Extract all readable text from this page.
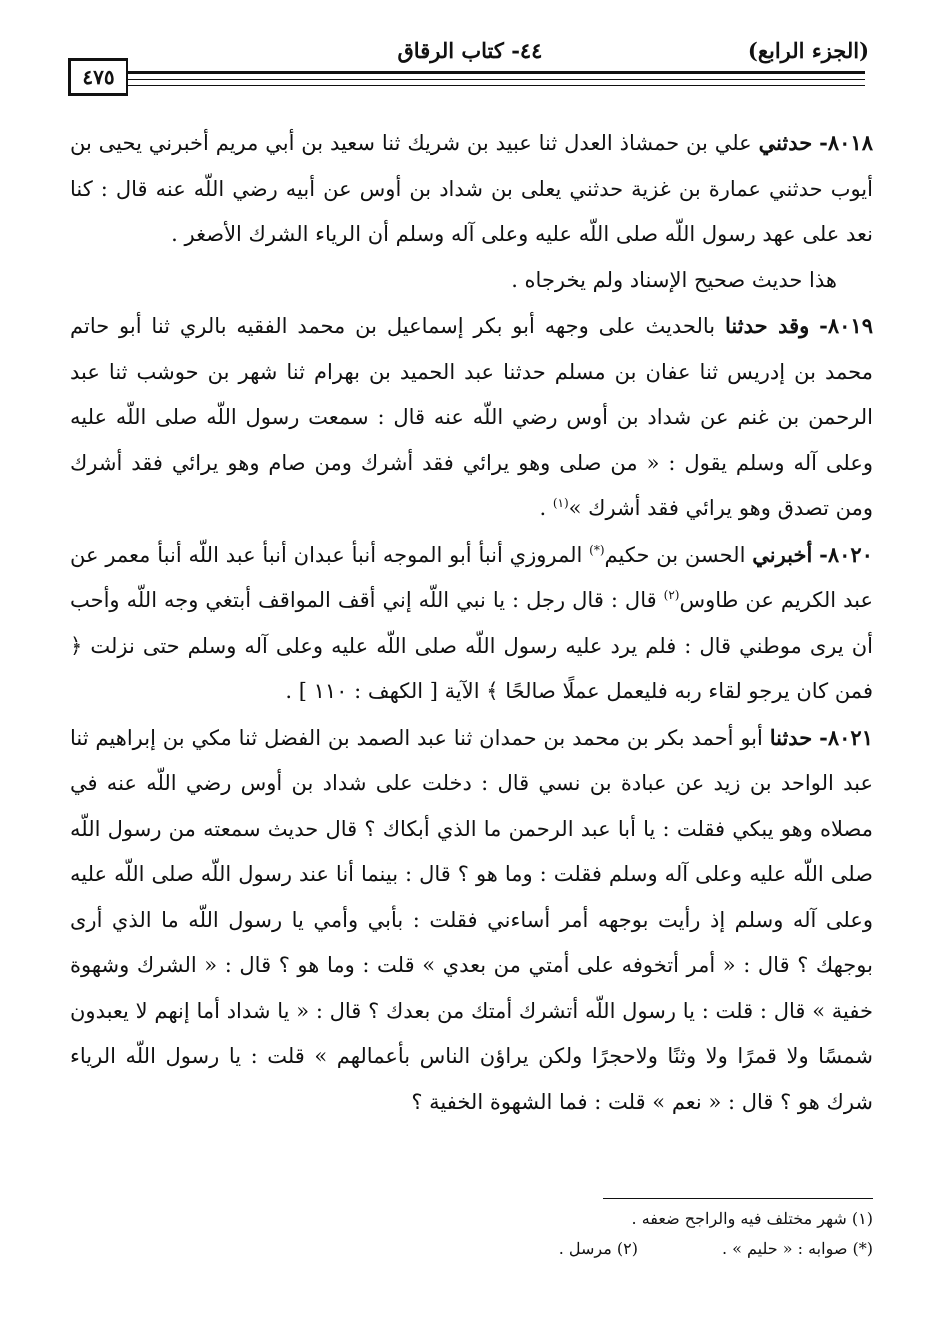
(الجزء الرابع)
٤٤- كتاب الرقاق
٤٧٥

٨٠١٨- حدثني علي بن حمشاذ العدل ثنا عبيد بن شريك ثنا سعيد بن أبي مريم أخبرني يحيى بن أيوب حدثني عمارة بن غزية حدثني يعلى بن شداد بن أوس عن أبيه رضي اللّه عنه قال : كنا نعد على عهد رسول اللّه صلى اللّه عليه وعلى آله وسلم أن الرياء الشرك الأصغر .

هذا حديث صحيح الإسناد ولم يخرجاه .

٨٠١٩- وقد حدثنا بالحديث على وجهه أبو بكر إسماعيل بن محمد الفقيه بالري ثنا أبو حاتم محمد بن إدريس ثنا عفان بن مسلم حدثنا عبد الحميد بن بهرام ثنا شهر بن حوشب ثنا عبد الرحمن بن غنم عن شداد بن أوس رضي اللّه عنه قال : سمعت رسول اللّه صلى اللّه عليه وعلى آله وسلم يقول : « من صلى وهو يرائي فقد أشرك ومن صام وهو يرائي فقد أشرك ومن تصدق وهو يرائي فقد أشرك »$^{(١)}$ .

٨٠٢٠- أخبرني الحسن بن حكيم(*) المروزي أنبأ أبو الموجه أنبأ عبدان أنبأ عبد اللّه أنبأ معمر عن عبد الكريم عن طاوس$^{(٢)}$ قال : قال رجل : يا نبي اللّه إني أقف المواقف أبتغي وجه اللّه وأحب أن يرى موطني قال : فلم يرد عليه رسول اللّه صلى اللّه عليه وعلى آله وسلم حتى نزلت ﴿ فمن كان يرجو لقاء ربه فليعمل عملًا صالحًا ﴾ الآية [ الكهف : ١١٠ ] .

٨٠٢١- حدثنا أبو أحمد بكر بن محمد بن حمدان ثنا عبد الصمد بن الفضل ثنا مكي بن إبراهيم ثنا عبد الواحد بن زيد عن عبادة بن نسي قال : دخلت على شداد بن أوس رضي اللّه عنه في مصلاه وهو يبكي فقلت : يا أبا عبد الرحمن ما الذي أبكاك ؟ قال حديث سمعته من رسول اللّه صلى اللّه عليه وعلى آله وسلم فقلت : وما هو ؟ قال : بينما أنا عند رسول اللّه صلى اللّه عليه وعلى آله وسلم إذ رأيت بوجهه أمر أساءني فقلت : بأبي وأمي يا رسول اللّه ما الذي أرى بوجهك ؟ قال : « أمر أتخوفه على أمتي من بعدي » قلت : وما هو ؟ قال : « الشرك وشهوة خفية » قال : قلت : يا رسول اللّه أتشرك أمتك من بعدك ؟ قال : « يا شداد أما إنهم لا يعبدون شمسًا ولا قمرًا ولا وثنًا ولاحجرًا ولكن يراؤن الناس بأعمالهم » قلت : يا رسول اللّه الرياء شرك هو ؟ قال : « نعم » قلت : فما الشهوة الخفية ؟

(١) شهر مختلف فيه والراجح ضعفه .
(*) صوابه : « حليم » .
(٢) مرسل .
